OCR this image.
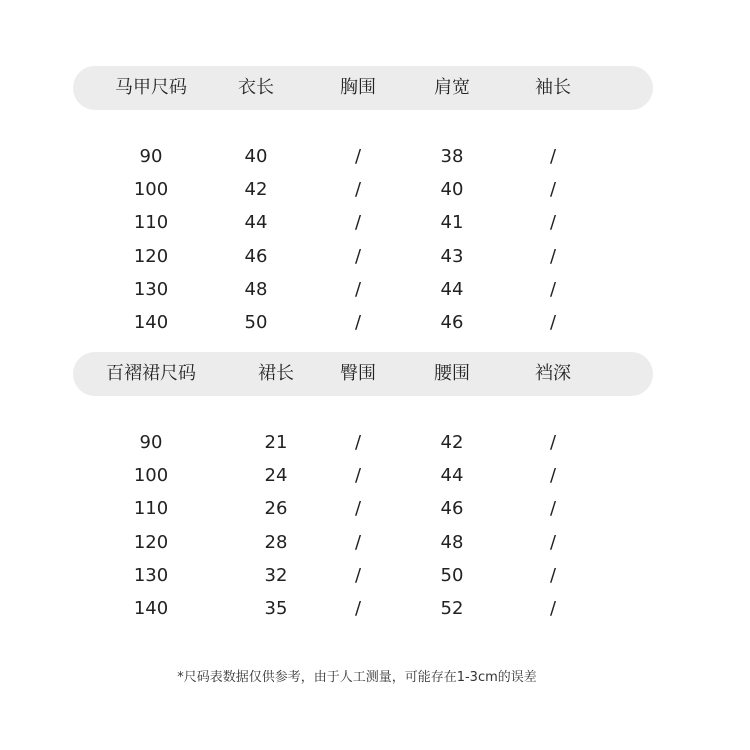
马甲尺码	衣长	胸围	肩宽	袖长
90	40	/	38	/
100	42	/	40	/
110	44	/	41	/
120	46	/	43	/
130	48	/	44	/
140	50	/	46	/
百褶裙尺码	裙长	臀围	腰围	裆深
90	21	/	42	/
100	24	/	44	/
110	26	/	46	/
120	28	/	48	/
130	32	/	50	/
140	35	/	52	/
*尺码表数据仅供参考，由于人工测量，可能存在1-3cm的误差
